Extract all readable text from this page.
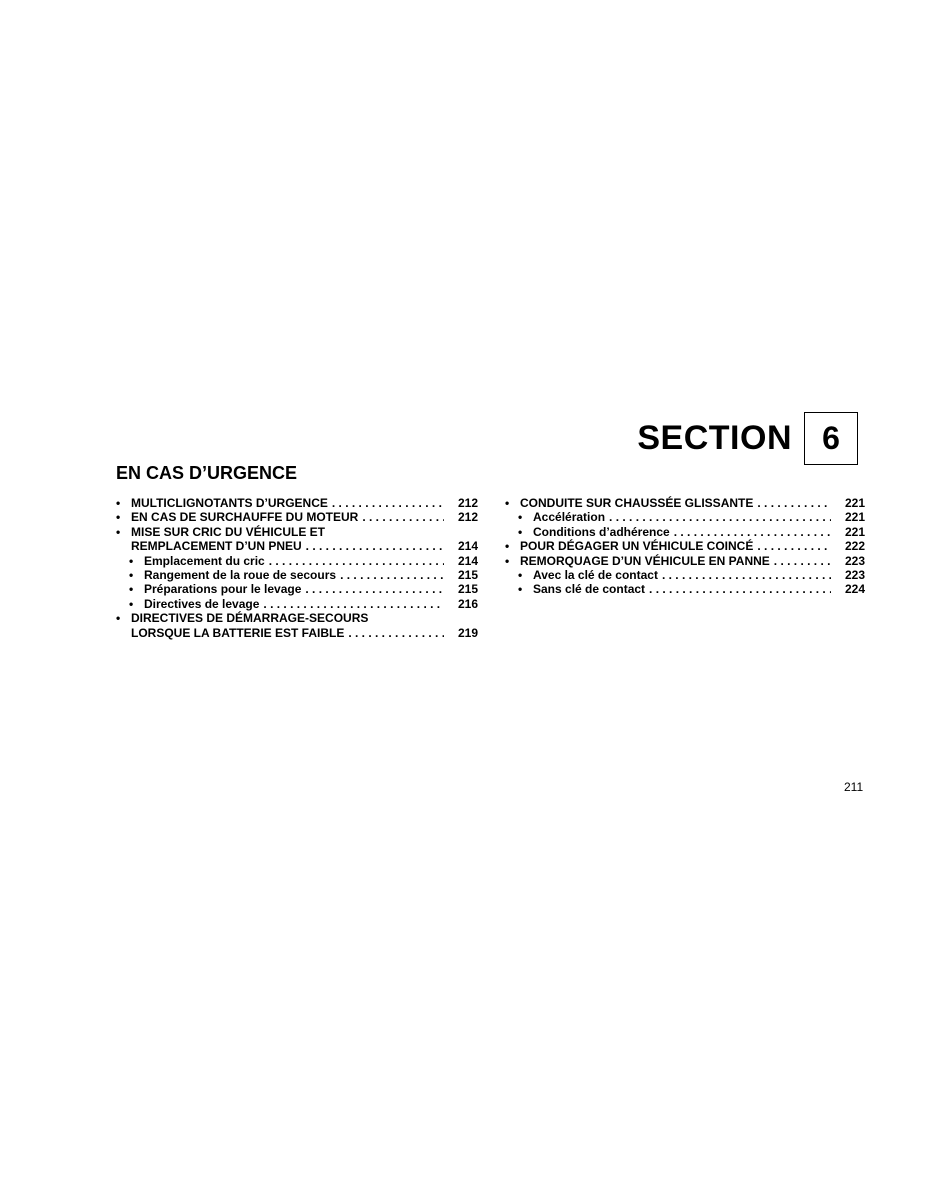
SECTION 6
EN CAS D’URGENCE
• MULTICLIGNOTANTS D’URGENCE . . .	212
• EN CAS DE SURCHAUFFE DU MOTEUR . . .	212
• MISE SUR CRIC DU VÉHICULE ET
REMPLACEMENT D’UN PNEU . . .	214
• Emplacement du cric . . .	214
• Rangement de la roue de secours . . .	215
• Préparations pour le levage . . .	215
• Directives de levage . . .	216
• DIRECTIVES DE DÉMARRAGE-SECOURS
LORSQUE LA BATTERIE EST FAIBLE . . .	219
• CONDUITE SUR CHAUSSÉE GLISSANTE . . .	221
• Accélération . . .	221
• Conditions d’adhérence . . .	221
• POUR DÉGAGER UN VÉHICULE COINCÉ . . .	222
• REMORQUAGE D’UN VÉHICULE EN PANNE . . .	223
• Avec la clé de contact . . .	223
• Sans clé de contact . . .	224
211
